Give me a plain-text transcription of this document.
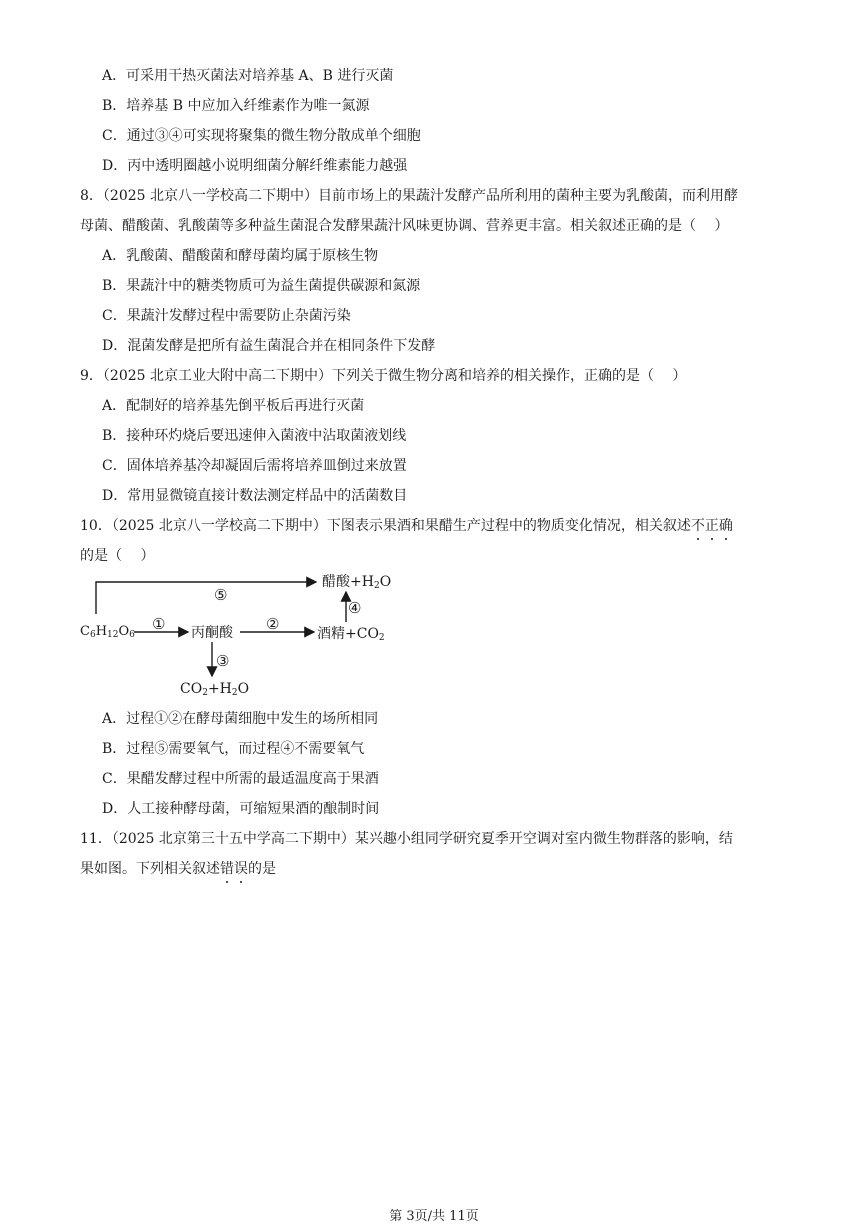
A．可采用干热灭菌法对培养基 A、B 进行灭菌
B．培养基 B 中应加入纤维素作为唯一氮源
C．通过③④可实现将聚集的微生物分散成单个细胞
D．丙中透明圈越小说明细菌分解纤维素能力越强
8．（2025 北京八一学校高二下期中）目前市场上的果蔬汁发酵产品所利用的菌种主要为乳酸菌，而利用酵
母菌、醋酸菌、乳酸菌等多种益生菌混合发酵果蔬汁风味更协调、营养更丰富。相关叙述正确的是（　 ）
A．乳酸菌、醋酸菌和酵母菌均属于原核生物
B．果蔬汁中的糖类物质可为益生菌提供碳源和氮源
C．果蔬汁发酵过程中需要防止杂菌污染
D．混菌发酵是把所有益生菌混合并在相同条件下发酵
9．（2025 北京工业大附中高二下期中）下列关于微生物分离和培养的相关操作，正确的是（　 ）
A．配制好的培养基先倒平板后再进行灭菌
B．接种环灼烧后要迅速伸入菌液中沾取菌液划线
C．固体培养基冷却凝固后需将培养皿倒过来放置
D．常用显微镜直接计数法测定样品中的活菌数目
10．（2025 北京八一学校高二下期中）下图表示果酒和果醋生产过程中的物质变化情况，相关叙述不正确
的是（　 ）
醋酸$+H_2O$
⑤
$C_6H_{12}O_6$
① 丙酮酸 ②
酒精$+CO_2$
④
③
$CO_2+H_2O$
A．过程①②在酵母菌细胞中发生的场所相同
B．过程⑤需要氧气，而过程④不需要氧气
C．果醋发酵过程中所需的最适温度高于果酒
D．人工接种酵母菌，可缩短果酒的酿制时间
11．（2025 北京第三十五中学高二下期中）某兴趣小组同学研究夏季开空调对室内微生物群落的影响，结
果如图。下列相关叙述错误的是
第 3页/共 11页
